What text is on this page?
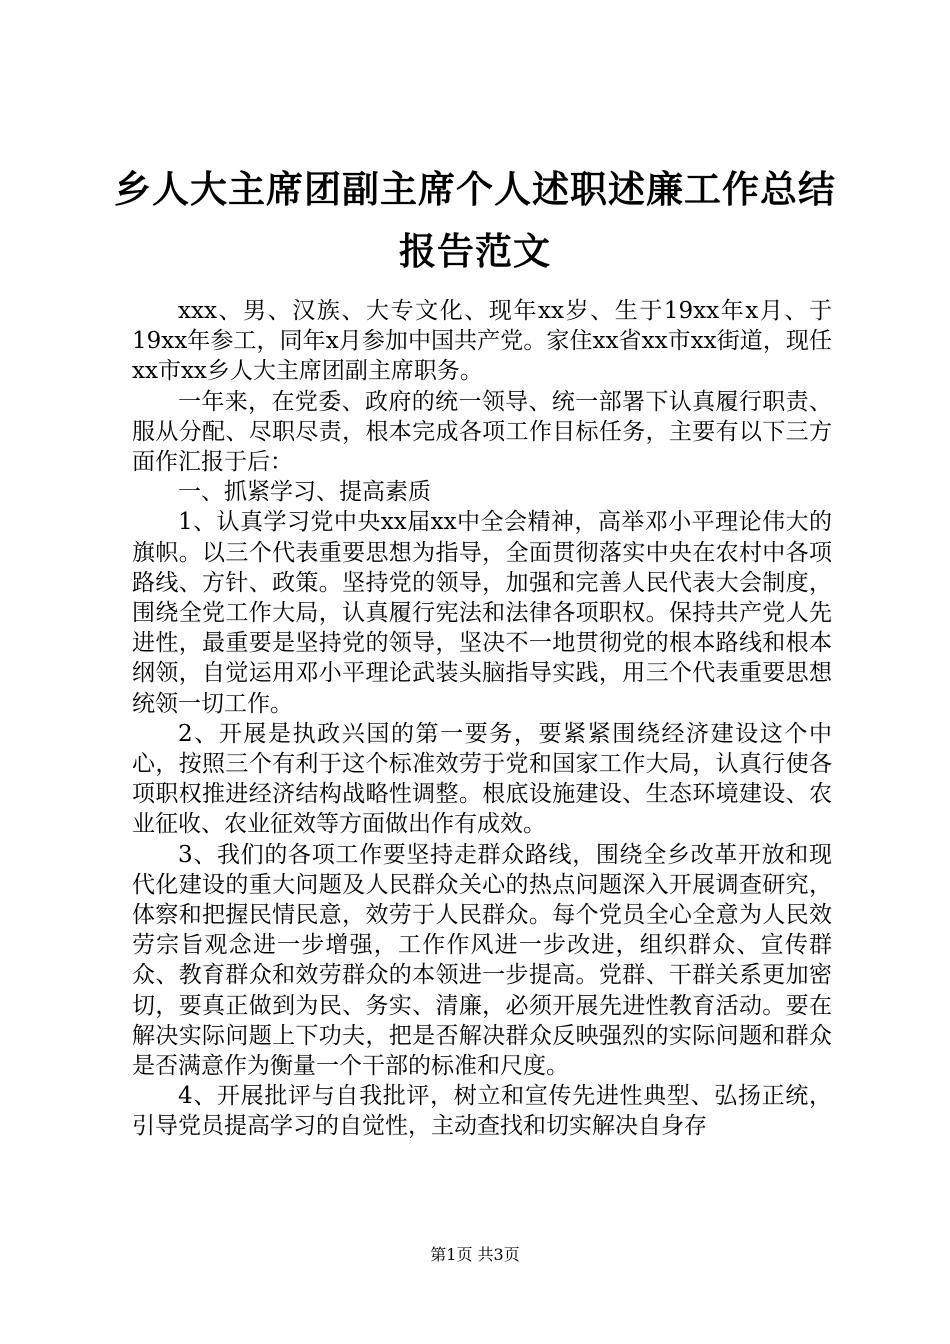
乡人大主席团副主席个人述职述廉工作总结报告范文

xxx、男、汉族、大专文化、现年xx岁、生于19xx年x月、于19xx年参工，同年x月参加中国共产党。家住xx省xx市xx街道，现任xx市xx乡人大主席团副主席职务。

一年来，在党委、政府的统一领导、统一部署下认真履行职责、服从分配、尽职尽责，根本完成各项工作目标任务，主要有以下三方面作汇报于后：

一、抓紧学习、提高素质

1、认真学习党中央xx届xx中全会精神，高举邓小平理论伟大的旗帜。以三个代表重要思想为指导，全面贯彻落实中央在农村中各项路线、方针、政策。坚持党的领导，加强和完善人民代表大会制度，围绕全党工作大局，认真履行宪法和法律各项职权。保持共产党人先进性，最重要是坚持党的领导，坚决不一地贯彻党的根本路线和根本纲领，自觉运用邓小平理论武装头脑指导实践，用三个代表重要思想统领一切工作。

2、开展是执政兴国的第一要务，要紧紧围绕经济建设这个中心，按照三个有利于这个标准效劳于党和国家工作大局，认真行使各项职权推进经济结构战略性调整。根底设施建设、生态环境建设、农业征收、农业征效等方面做出作有成效。

3、我们的各项工作要坚持走群众路线，围绕全乡改革开放和现代化建设的重大问题及人民群众关心的热点问题深入开展调查研究，体察和把握民情民意，效劳于人民群众。每个党员全心全意为人民效劳宗旨观念进一步增强，工作作风进一步改进，组织群众、宣传群众、教育群众和效劳群众的本领进一步提高。党群、干群关系更加密切，要真正做到为民、务实、清廉，必须开展先进性教育活动。要在解决实际问题上下功夫，把是否解决群众反映强烈的实际问题和群众是否满意作为衡量一个干部的标准和尺度。

4、开展批评与自我批评，树立和宣传先进性典型、弘扬正统，引导党员提高学习的自觉性，主动查找和切实解决自身存

第1页 共3页
